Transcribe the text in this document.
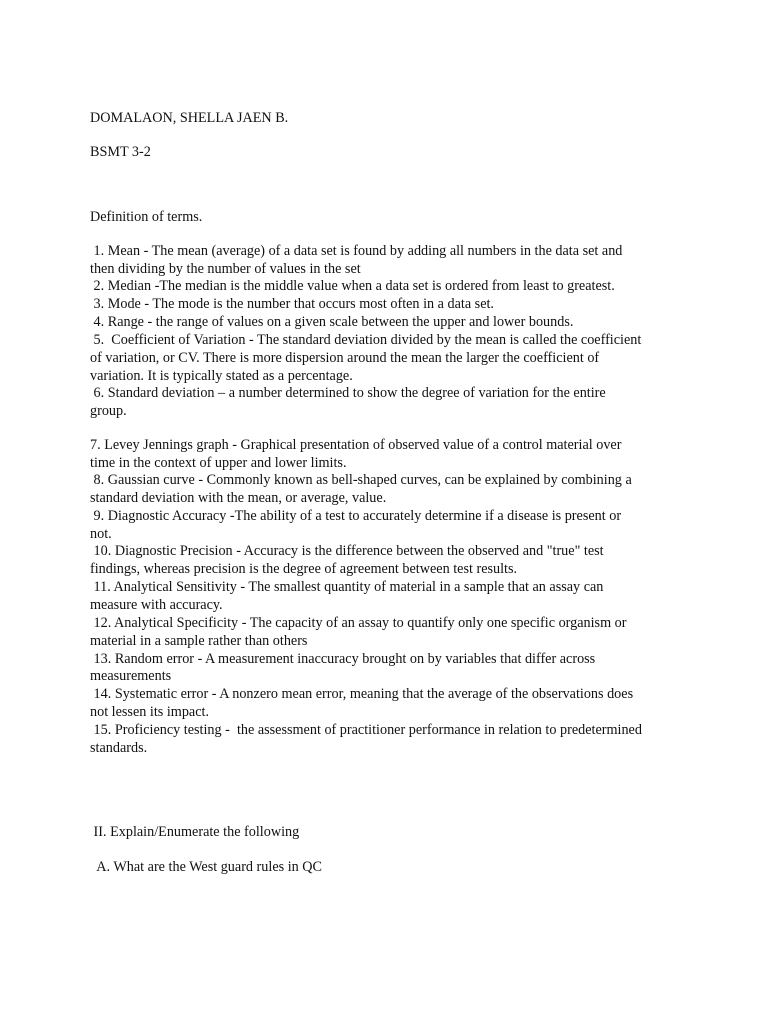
DOMALAON, SHELLA JAEN B.
BSMT 3-2
Definition of terms.
1. Mean - The mean (average) of a data set is found by adding all numbers in the data set and
then dividing by the number of values in the set
2. Median -The median is the middle value when a data set is ordered from least to greatest.
3. Mode - The mode is the number that occurs most often in a data set.
4. Range - the range of values on a given scale between the upper and lower bounds.
5.  Coefficient of Variation - The standard deviation divided by the mean is called the coefficient
of variation, or CV. There is more dispersion around the mean the larger the coefficient of
variation. It is typically stated as a percentage.
6. Standard deviation – a number determined to show the degree of variation for the entire
group.
7. Levey Jennings graph - Graphical presentation of observed value of a control material over
time in the context of upper and lower limits.
8. Gaussian curve - Commonly known as bell-shaped curves, can be explained by combining a
standard deviation with the mean, or average, value.
9. Diagnostic Accuracy -The ability of a test to accurately determine if a disease is present or
not.
10. Diagnostic Precision - Accuracy is the difference between the observed and "true" test
findings, whereas precision is the degree of agreement between test results.
11. Analytical Sensitivity - The smallest quantity of material in a sample that an assay can
measure with accuracy.
12. Analytical Specificity - The capacity of an assay to quantify only one specific organism or
material in a sample rather than others
13. Random error - A measurement inaccuracy brought on by variables that differ across
measurements
14. Systematic error - A nonzero mean error, meaning that the average of the observations does
not lessen its impact.
15. Proficiency testing -  the assessment of practitioner performance in relation to predetermined
standards.
II. Explain/Enumerate the following
A. What are the West guard rules in QC
